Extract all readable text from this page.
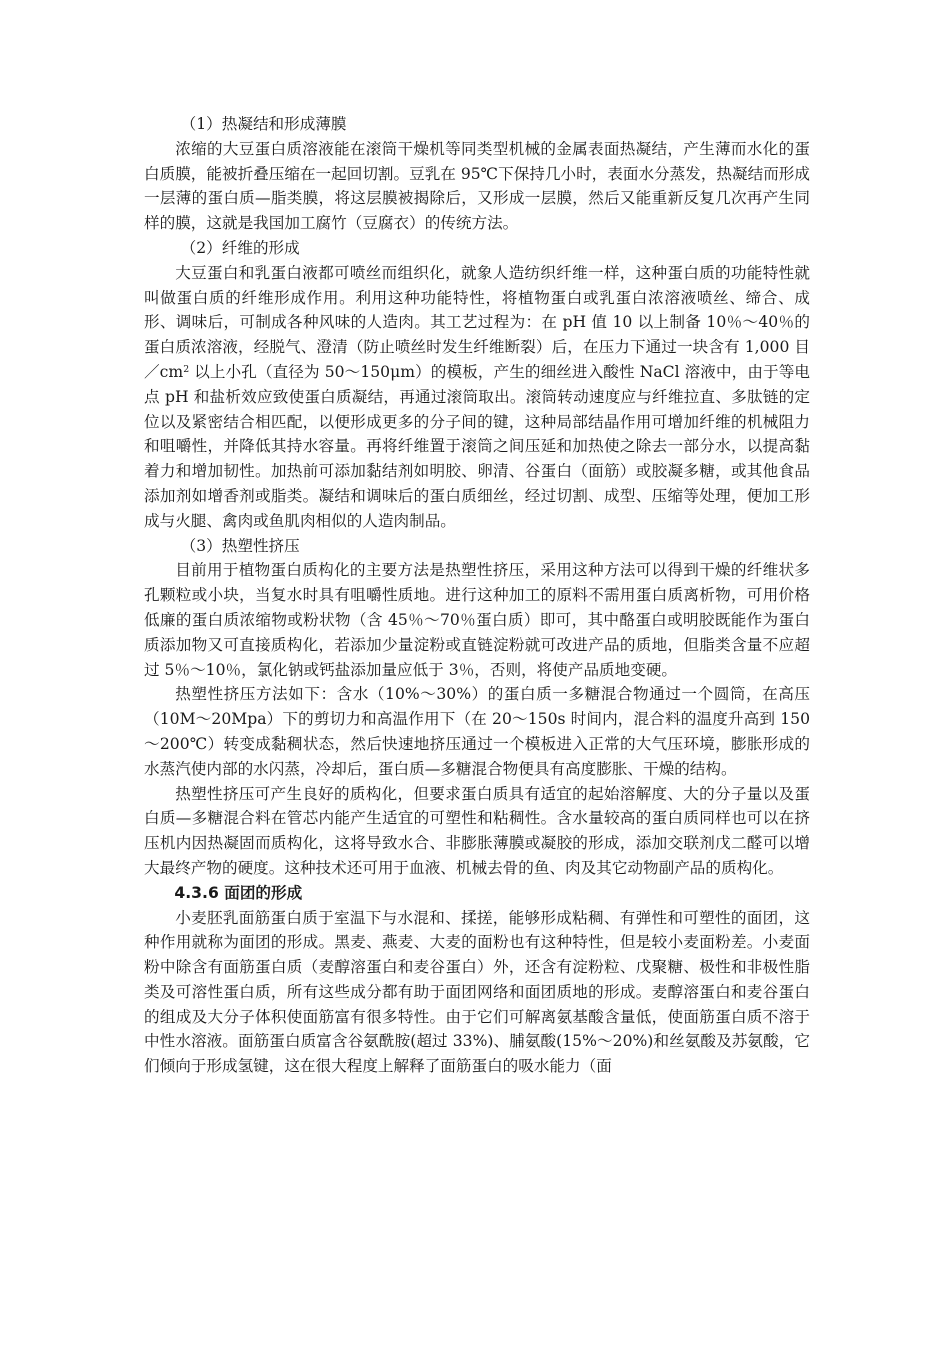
（1）热凝结和形成薄膜

浓缩的大豆蛋白质溶液能在滚筒干燥机等同类型机械的金属表面热凝结，产生薄而水化的蛋白质膜，能被折叠压缩在一起回切割。豆乳在 95℃下保持几小时，表面水分蒸发，热凝结而形成一层薄的蛋白质—脂类膜，将这层膜被揭除后，又形成一层膜，然后又能重新反复几次再产生同样的膜，这就是我国加工腐竹（豆腐衣）的传统方法。

（2）纤维的形成

大豆蛋白和乳蛋白液都可喷丝而组织化，就象人造纺织纤维一样，这种蛋白质的功能特性就叫做蛋白质的纤维形成作用。利用这种功能特性，将植物蛋白或乳蛋白浓溶液喷丝、缔合、成形、调味后，可制成各种风味的人造肉。其工艺过程为：在 pH 值 10 以上制备 10％～40％的蛋白质浓溶液，经脱气、澄清（防止喷丝时发生纤维断裂）后，在压力下通过一块含有 1,000 目$/cm^2$ 以上小孔（直径为 50～150μm）的模板，产生的细丝进入酸性 NaCl 溶液中，由于等电点 pH 和盐析效应致使蛋白质凝结，再通过滚筒取出。滚筒转动速度应与纤维拉直、多肽链的定位以及紧密结合相匹配，以便形成更多的分子间的键，这种局部结晶作用可增加纤维的机械阻力和咀嚼性，并降低其持水容量。再将纤维置于滚筒之间压延和加热使之除去一部分水，以提高黏着力和增加韧性。加热前可添加黏结剂如明胶、卵清、谷蛋白（面筋）或胶凝多糖，或其他食品添加剂如增香剂或脂类。凝结和调味后的蛋白质细丝，经过切割、成型、压缩等处理，便加工形成与火腿、禽肉或鱼肌肉相似的人造肉制品。

（3）热塑性挤压

目前用于植物蛋白质构化的主要方法是热塑性挤压，采用这种方法可以得到干燥的纤维状多孔颗粒或小块，当复水时具有咀嚼性质地。进行这种加工的原料不需用蛋白质离析物，可用价格低廉的蛋白质浓缩物或粉状物（含 45％～70％蛋白质）即可，其中酪蛋白或明胶既能作为蛋白质添加物又可直接质构化，若添加少量淀粉或直链淀粉就可改进产品的质地，但脂类含量不应超过 5％～10％，氯化钠或钙盐添加量应低于 3％，否则，将使产品质地变硬。

热塑性挤压方法如下：含水（10%～30%）的蛋白质一多糖混合物通过一个圆筒，在高压（10M～20Mpa）下的剪切力和高温作用下（在 20～150s 时间内，混合料的温度升高到 150～200℃）转变成黏稠状态，然后快速地挤压通过一个模板进入正常的大气压环境，膨胀形成的水蒸汽使内部的水闪蒸，冷却后，蛋白质—多糖混合物便具有高度膨胀、干燥的结构。

热塑性挤压可产生良好的质构化，但要求蛋白质具有适宜的起始溶解度、大的分子量以及蛋白质—多糖混合料在管芯内能产生适宜的可塑性和粘稠性。含水量较高的蛋白质同样也可以在挤压机内因热凝固而质构化，这将导致水合、非膨胀薄膜或凝胶的形成，添加交联剂戊二醛可以增大最终产物的硬度。这种技术还可用于血液、机械去骨的鱼、肉及其它动物副产品的质构化。

4.3.6 面团的形成

小麦胚乳面筋蛋白质于室温下与水混和、揉搓，能够形成粘稠、有弹性和可塑性的面团，这种作用就称为面团的形成。黑麦、燕麦、大麦的面粉也有这种特性，但是较小麦面粉差。小麦面粉中除含有面筋蛋白质（麦醇溶蛋白和麦谷蛋白）外，还含有淀粉粒、戊聚糖、极性和非极性脂类及可溶性蛋白质，所有这些成分都有助于面团网络和面团质地的形成。麦醇溶蛋白和麦谷蛋白的组成及大分子体积使面筋富有很多特性。由于它们可解离氨基酸含量低，使面筋蛋白质不溶于中性水溶液。面筋蛋白质富含谷氨酰胺(超过 33%)、脯氨酸(15%～20%)和丝氨酸及苏氨酸，它们倾向于形成氢键，这在很大程度上解释了面筋蛋白的吸水能力（面
